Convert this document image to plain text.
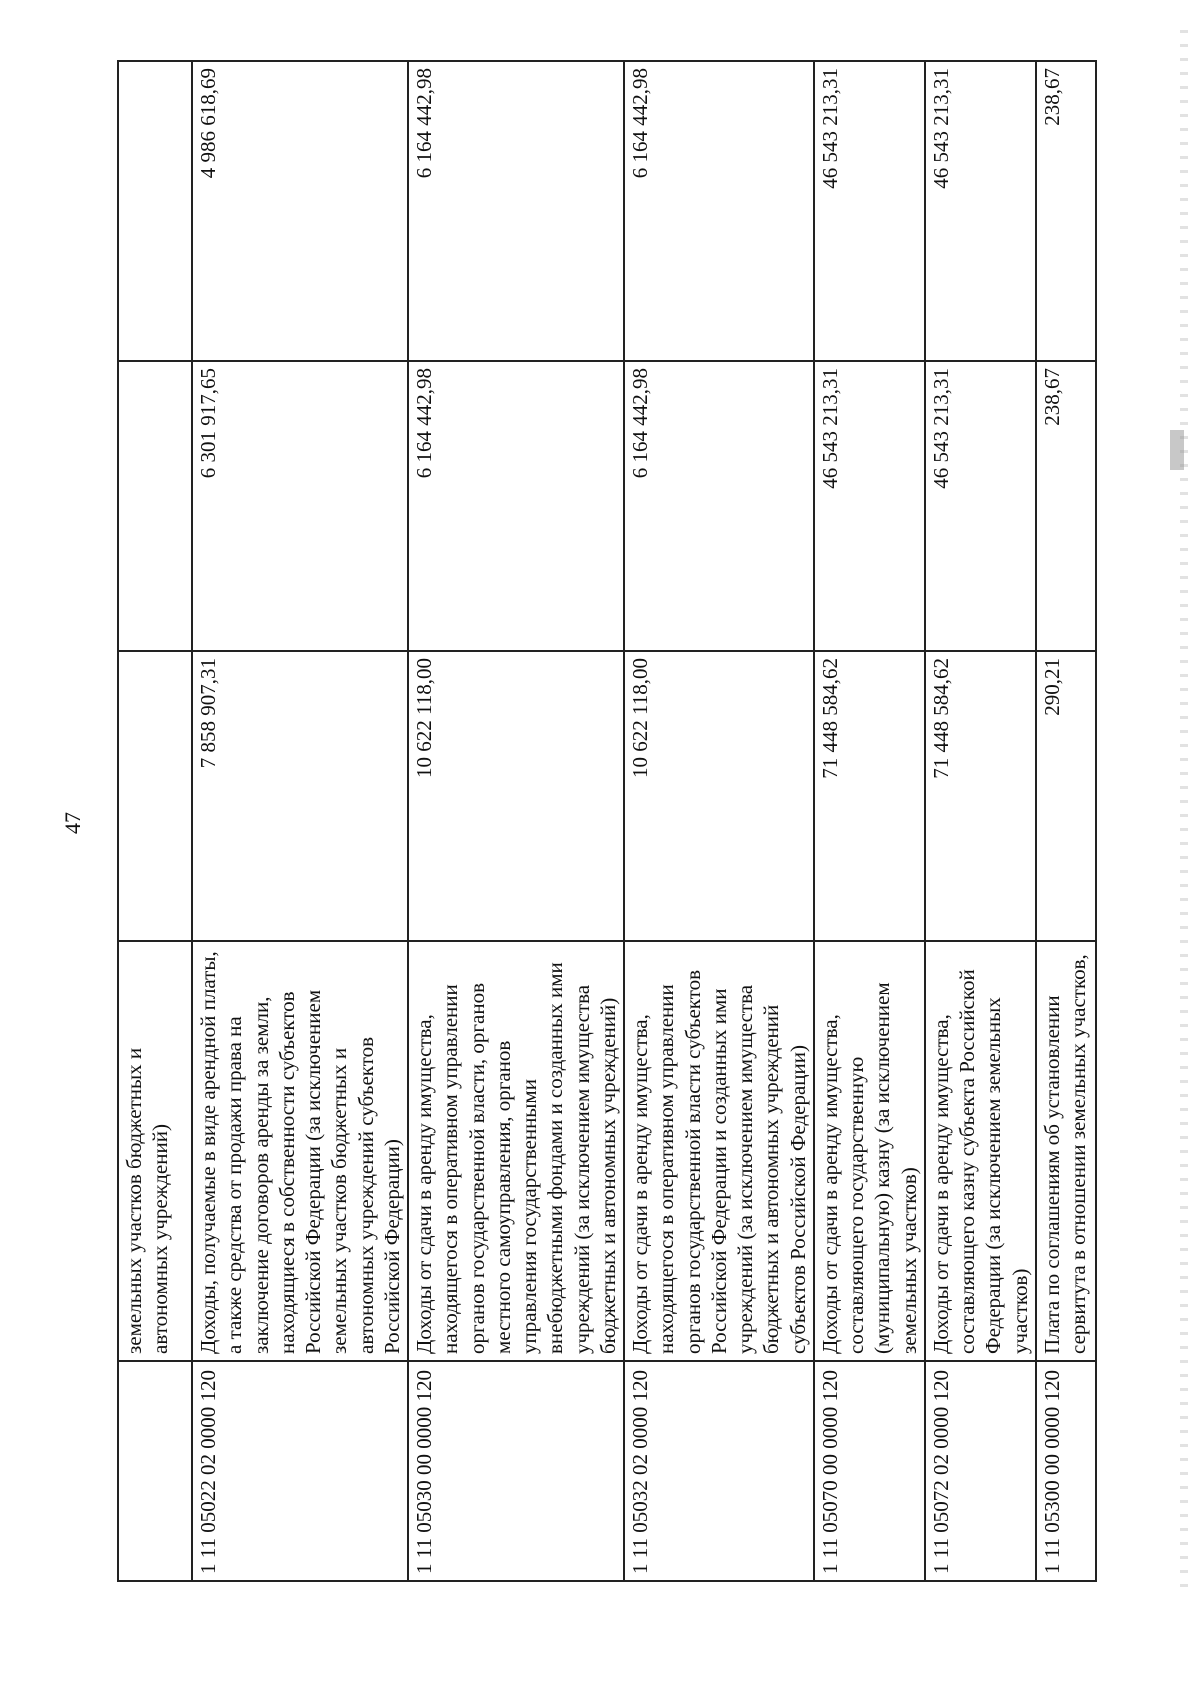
47
	земельных участков бюджетных и автономных учреждений)			
1 11 05022 02 0000 120	Доходы, получаемые в виде арендной платы, а также средства от продажи права на заключение договоров аренды за земли, находящиеся в собственности субъектов Российской Федерации (за исключением земельных участков бюджетных и автономных учреждений субъектов Российской Федерации)	7 858 907,31	6 301 917,65	4 986 618,69
1 11 05030 00 0000 120	Доходы от сдачи в аренду имущества, находящегося в оперативном управлении органов государственной власти, органов местного самоуправления, органов управления государственными внебюджетными фондами и созданных ими учреждений (за исключением имущества бюджетных и автономных учреждений)	10 622 118,00	6 164 442,98	6 164 442,98
1 11 05032 02 0000 120	Доходы от сдачи в аренду имущества, находящегося в оперативном управлении органов государственной власти субъектов Российской Федерации и созданных ими учреждений (за исключением имущества бюджетных и автономных учреждений субъектов Российской Федерации)	10 622 118,00	6 164 442,98	6 164 442,98
1 11 05070 00 0000 120	Доходы от сдачи в аренду имущества, составляющего государственную (муниципальную) казну (за исключением земельных участков)	71 448 584,62	46 543 213,31	46 543 213,31
1 11 05072 02 0000 120	Доходы от сдачи в аренду имущества, составляющего казну субъекта Российской Федерации (за исключением земельных участков)	71 448 584,62	46 543 213,31	46 543 213,31
1 11 05300 00 0000 120	Плата по соглашениям об установлении сервитута в отношении земельных участков,	290,21	238,67	238,67
